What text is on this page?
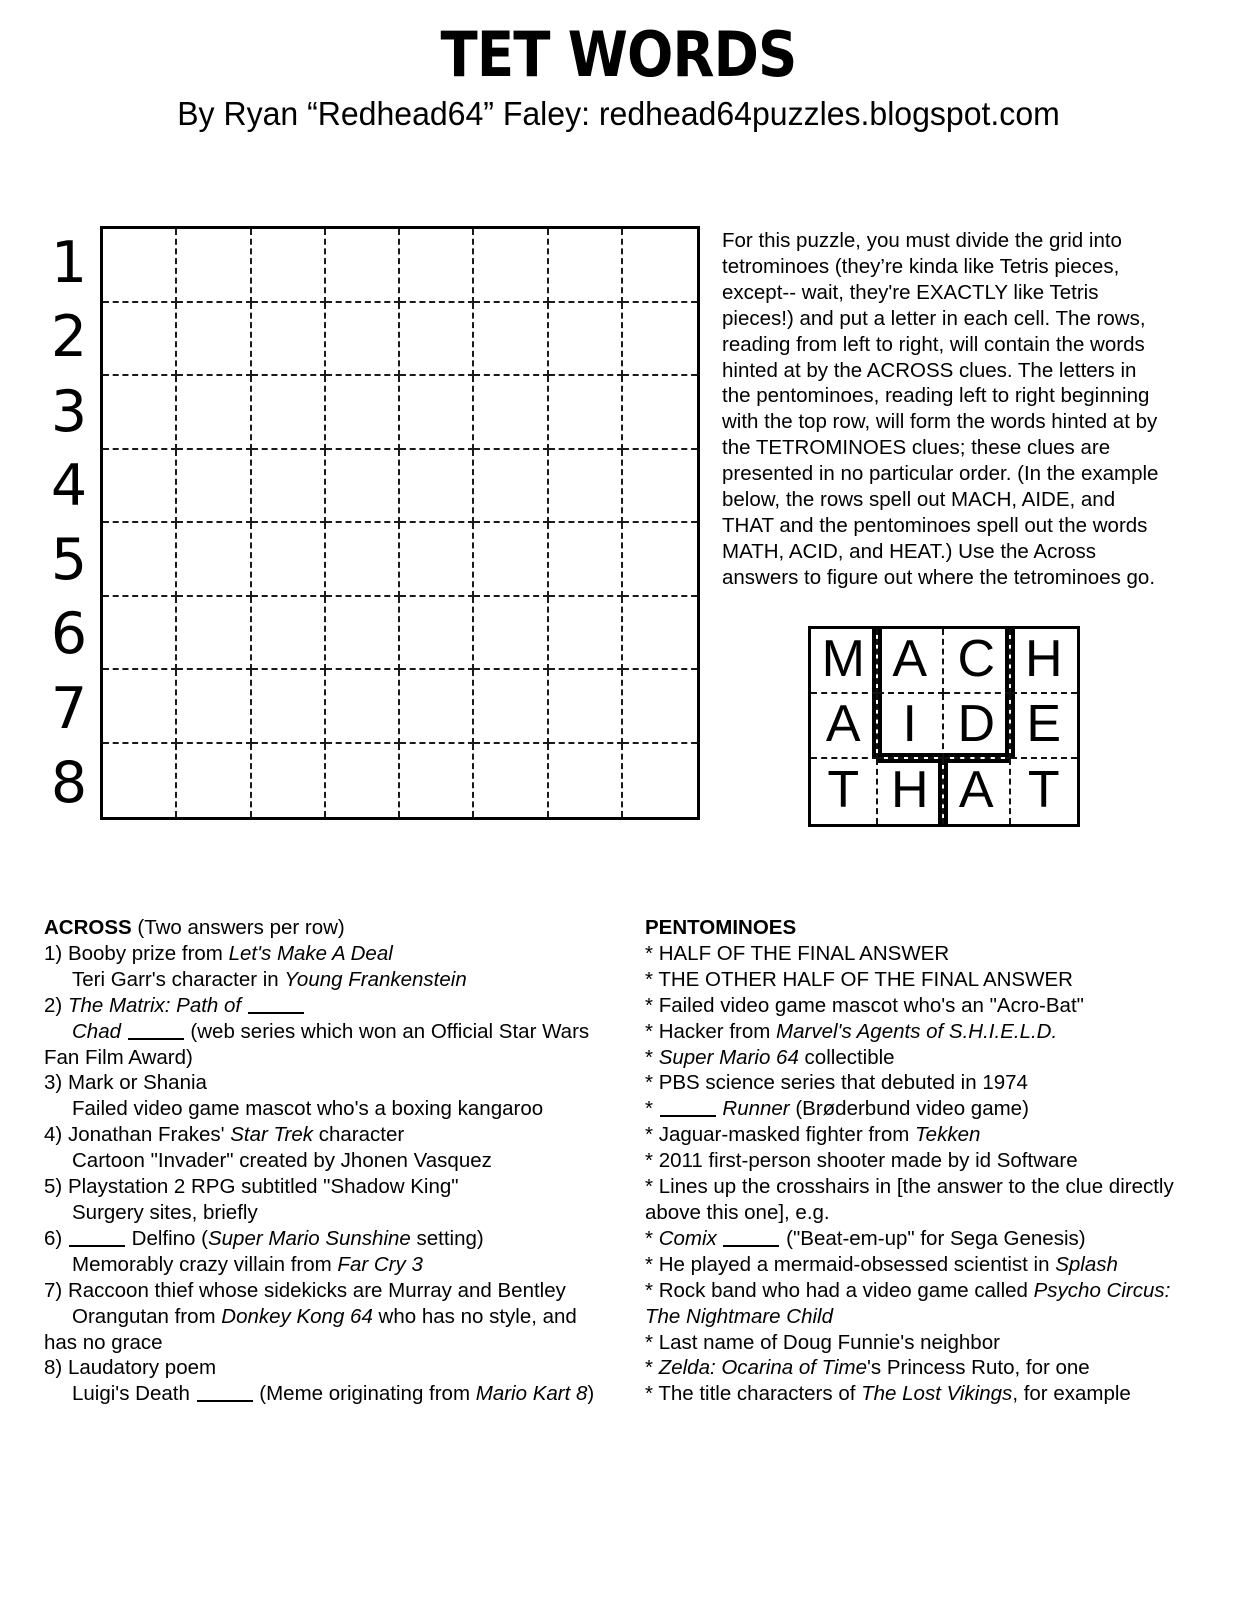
TET WORDS
By Ryan “Redhead64” Faley: redhead64puzzles.blogspot.com
1
2
3
4
5
6
7
8
For this puzzle, you must divide the grid into tetrominoes (they’re kinda like Tetris pieces, except-- wait, they're EXACTLY like Tetris pieces!) and put a letter in each cell. The rows, reading from left to right, will contain the words hinted at by the ACROSS clues. The letters in the pentominoes, reading left to right beginning with the top row, will form the words hinted at by the TETROMINOES clues; these clues are presented in no particular order. (In the example below, the rows spell out MACH, AIDE, and THAT and the pentominoes spell out the words MATH, ACID, and HEAT.) Use the Across answers to figure out where the tetrominoes go.
M A C H
A I D E
T H A T
ACROSS (Two answers per row)
1) Booby prize from Let's Make A Deal
Teri Garr's character in Young Frankenstein
2) The Matrix: Path of
Chad	(web series which won an Official Star Wars Fan Film Award)
3) Mark or Shania
Failed video game mascot who's a boxing kangaroo
4) Jonathan Frakes' Star Trek character
Cartoon "Invader" created by Jhonen Vasquez
5) Playstation 2 RPG subtitled "Shadow King"
Surgery sites, briefly
6)	Delfino (Super Mario Sunshine setting)
Memorably crazy villain from Far Cry 3
7) Raccoon thief whose sidekicks are Murray and Bentley
Orangutan from Donkey Kong 64 who has no style, and has no grace
8) Laudatory poem
Luigi's Death	(Meme originating from Mario Kart 8)
PENTOMINOES
* HALF OF THE FINAL ANSWER
* THE OTHER HALF OF THE FINAL ANSWER
* Failed video game mascot who's an "Acro-Bat"
* Hacker from Marvel's Agents of S.H.I.E.L.D.
* Super Mario 64 collectible
* PBS science series that debuted in 1974
*	Runner (Brøderbund video game)
* Jaguar-masked fighter from Tekken
* 2011 first-person shooter made by id Software
* Lines up the crosshairs in [the answer to the clue directly above this one], e.g.
* Comix	("Beat-em-up" for Sega Genesis)
* He played a mermaid-obsessed scientist in Splash
* Rock band who had a video game called Psycho Circus: The Nightmare Child
* Last name of Doug Funnie's neighbor
* Zelda: Ocarina of Time's Princess Ruto, for one
* The title characters of The Lost Vikings, for example
